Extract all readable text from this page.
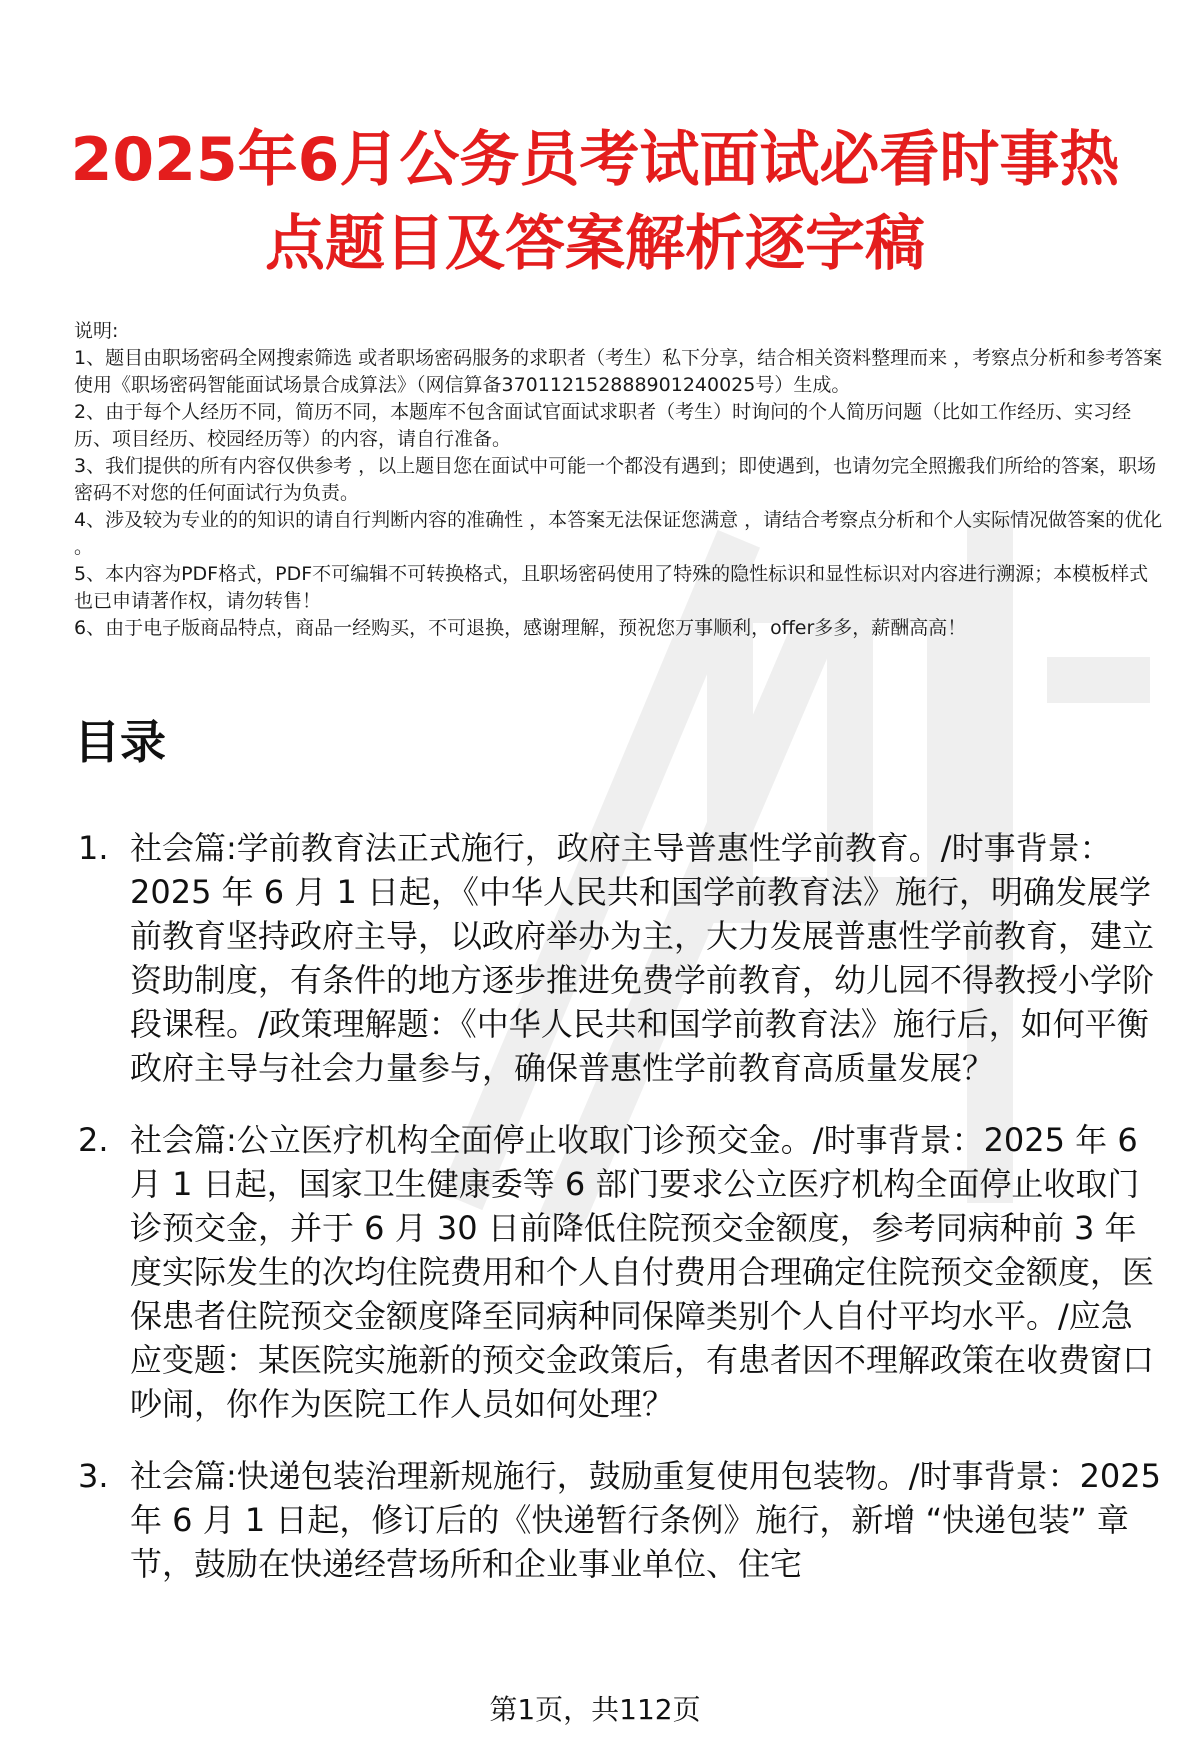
2025年6月公务员考试面试必看时事热点题目及答案解析逐字稿

说明:

1、题目由职场密码全网搜索筛选 或者职场密码服务的求职者（考生）私下分享，结合相关资料整理而来 ，考察点分析和参考答案使用《职场密码智能面试场景合成算法》（网信算备370112152888901240025号）生成。

2、由于每个人经历不同，简历不同，本题库不包含面试官面试求职者（考生）时询问的个人简历问题（比如工作经历、实习经历、项目经历、校园经历等）的内容，请自行准备。

3、我们提供的所有内容仅供参考 ，以上题目您在面试中可能一个都没有遇到；即使遇到，也请勿完全照搬我们所给的答案，职场密码不对您的任何面试行为负责。

4、涉及较为专业的的知识的请自行判断内容的准确性 ，本答案无法保证您满意 ，请结合考察点分析和个人实际情况做答案的优化 。

5、本内容为PDF格式，PDF不可编辑不可转换格式，且职场密码使用了特殊的隐性标识和显性标识对内容进行溯源；本模板样式也已申请著作权，请勿转售！

6、由于电子版商品特点，商品一经购买，不可退换，感谢理解，预祝您万事顺利，offer多多，薪酬高高！

目录
1. 社会篇:学前教育法正式施行，政府主导普惠性学前教育。/时事背景：2025 年 6 月 1 日起，《中华人民共和国学前教育法》施行，明确发展学前教育坚持政府主导，以政府举办为主，大力发展普惠性学前教育，建立资助制度，有条件的地方逐步推进免费学前教育，幼儿园不得教授小学阶段课程。/政策理解题：《中华人民共和国学前教育法》施行后，如何平衡政府主导与社会力量参与，确保普惠性学前教育高质量发展？
2. 社会篇:公立医疗机构全面停止收取门诊预交金。/时事背景：2025 年 6 月 1 日起，国家卫生健康委等 6 部门要求公立医疗机构全面停止收取门诊预交金，并于 6 月 30 日前降低住院预交金额度，参考同病种前 3 年度实际发生的次均住院费用和个人自付费用合理确定住院预交金额度，医保患者住院预交金额度降至同病种同保障类别个人自付平均水平。/应急应变题：某医院实施新的预交金政策后，有患者因不理解政策在收费窗口吵闹，你作为医院工作人员如何处理？
3. 社会篇:快递包装治理新规施行，鼓励重复使用包装物。/时事背景：2025 年 6 月 1 日起，修订后的《快递暂行条例》施行，新增 “快递包装” 章节，鼓励在快递经营场所和企业事业单位、住宅
第1页，共112页
